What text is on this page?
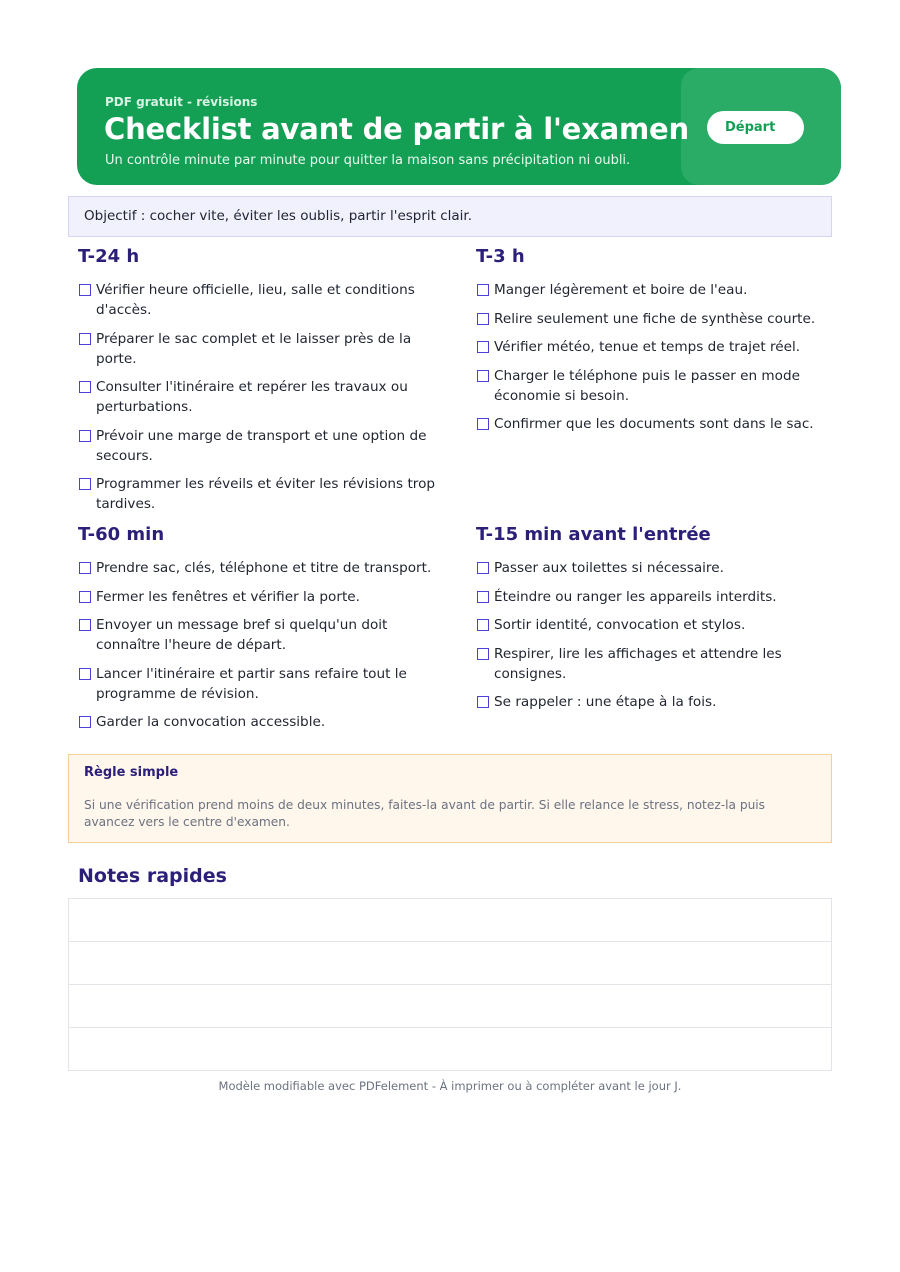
PDF gratuit - révisions
Checklist avant de partir à l'examen
Un contrôle minute par minute pour quitter la maison sans précipitation ni oubli.
Départ
Objectif : cocher vite, éviter les oublis, partir l'esprit clair.
T-24 h
Vérifier heure officielle, lieu, salle et conditions d'accès.
Préparer le sac complet et le laisser près de la porte.
Consulter l'itinéraire et repérer les travaux ou perturbations.
Prévoir une marge de transport et une option de secours.
Programmer les réveils et éviter les révisions trop tardives.
T-3 h
Manger légèrement et boire de l'eau.
Relire seulement une fiche de synthèse courte.
Vérifier météo, tenue et temps de trajet réel.
Charger le téléphone puis le passer en mode économie si besoin.
Confirmer que les documents sont dans le sac.
T-60 min
Prendre sac, clés, téléphone et titre de transport.
Fermer les fenêtres et vérifier la porte.
Envoyer un message bref si quelqu'un doit connaître l'heure de départ.
Lancer l'itinéraire et partir sans refaire tout le programme de révision.
Garder la convocation accessible.
T-15 min avant l'entrée
Passer aux toilettes si nécessaire.
Éteindre ou ranger les appareils interdits.
Sortir identité, convocation et stylos.
Respirer, lire les affichages et attendre les consignes.
Se rappeler : une étape à la fois.
Règle simple

Si une vérification prend moins de deux minutes, faites-la avant de partir. Si elle relance le stress, notez-la puis avancez vers le centre d'examen.

Notes rapides
Modèle modifiable avec PDFelement - À imprimer ou à compléter avant le jour J.
